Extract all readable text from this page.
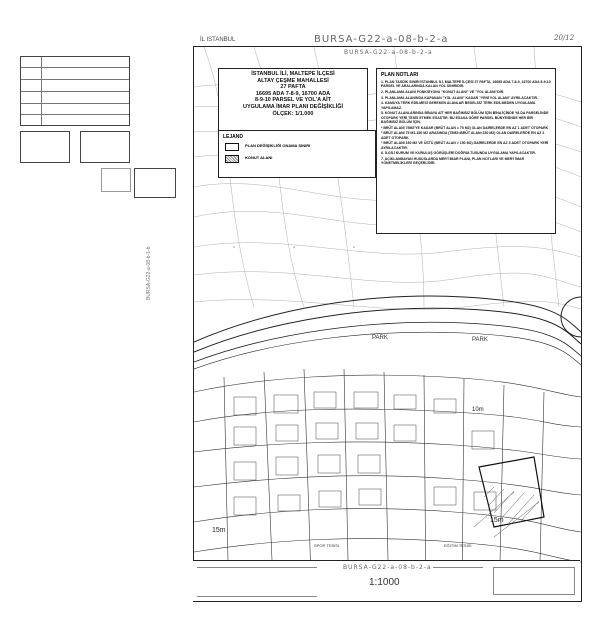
İL ISTANBUL	BURSA-G22-a-08-b-2-a	20/12
PARK	PARK
15m
15m
10m
SPOR TESİSİ	EĞİTİM TESİSİ
BURSA-G22-a-08-b-2-a
BURSA-G22-a-08-b-1-b
İSTANBUL İLİ, MALTEPE İLÇESİ
ALTAY ÇEŞME MAHALLESİ
27 PAFTA
16695 ADA 7-8-9, 16700 ADA
8-9-10 PARSEL VE YOL'A AİT
UYGULAMA İMAR PLANI DEĞİŞİKLİĞİ
ÖLÇEK: 1/1.000
LEJAND
PLAN DEĞİŞİKLİĞİ ONAMA SINIRI
KONUT ALANI
PLAN NOTLARI
1. PLAN TASDİK SINIRI İSTANBUL İLİ, MALTEPE İLÇESİ 27 PAFTA, 16695 ADA 7-8-9, 16700 ADA 8-9-10 PARSEL VE ARALARINDA KALAN YOL SINIRIDIR.
2. PLANLAMA ALANI FONKSİYONU "KONUT ALANI" VE "YOL ALANI"DIR.
3. PLANLAMA ALANINDA KAPANAN "YOL ALANI" KADAR "YENİ YOL ALANI" AYRILACAKTIR.
4. KAMUYA TERK EDİLMESİ GEREKEN ALANLAR BEDELSİZ TERK EDİLMEDEN UYGULAMA YAPILAMAZ.
5. KONUT ALANLARINDA BİNAYA AİT HER BAĞIMSIZ BÖLÜM İÇİN BİNA İÇİNDE YA DA PARSELİNDE OTOPARK YERİ TESİS ETMEK ESASTIR. BU ESASA GÖRE PARSEL BÜNYESİNDE HER BİR BAĞIMSIZ BÖLÜM İÇİN,
* BRÜT ALANI 75M2'YE KADAR (BRÜT ALAN = 75 M2) OLAN DAİRELERDE EN AZ 1 ADET OTOPARK
* BRÜT ALANI 75 M2-150 M2 ARASINDA (75M2<BRÜT ALAN<150 M2) OLAN DAİRELERDE EN AZ 2 ADET OTOPARK
* BRÜT ALANI 150 M2 VE ÜSTÜ (BRÜT ALAN > 150 M2) DAİRELERDE EN AZ 3 ADET OTOPARK YERİ AYRILACAKTIR.
6. İLGİLİ KURUM VE KURULUŞ GÖRÜŞLERİ DOĞRULTUSUNDA UYGULAMA YAPILACAKTIR.
7. AÇIKLANMAYAN HUSUSLARDA MER'İ İMAR PLANI, PLAN NOTLARI VE MER'İ İMAR YÖNETMELİKLERİ GEÇERLİDİR.
BURSA-G22-a-08-b-2-a
1:1000
